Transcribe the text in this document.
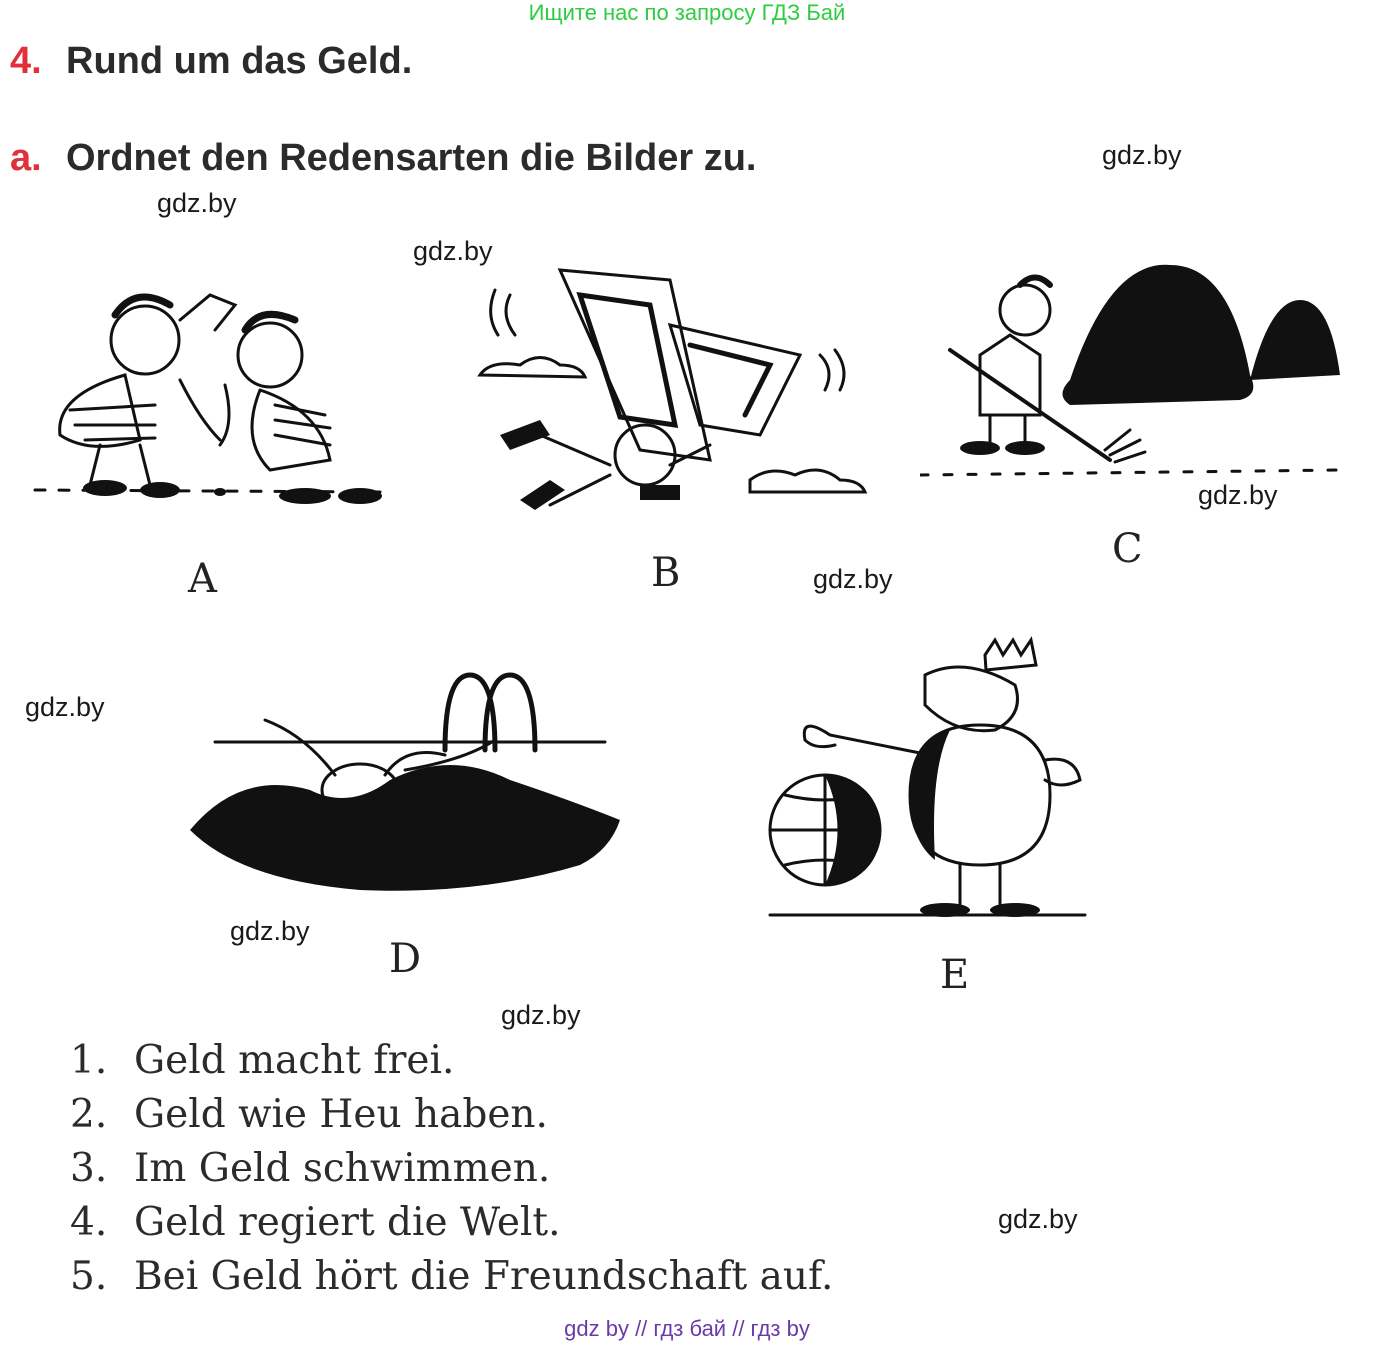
Ищите нас по запросу ГДЗ Бай
4. Rund um das Geld.
a. Ordnet den Redensarten die Bilder zu.	gdz.by
gdz.by
gdz.by
gdz.by
gdz.by
gdz.by
gdz.by
gdz.by
gdz.by
A	B
C
D	E
1. Geld macht frei.
2. Geld wie Heu haben.
3. Im Geld schwimmen.
4. Geld regiert die Welt.
5. Bei Geld hört die Freundschaft auf.
gdz by // гдз бай // гдз by
